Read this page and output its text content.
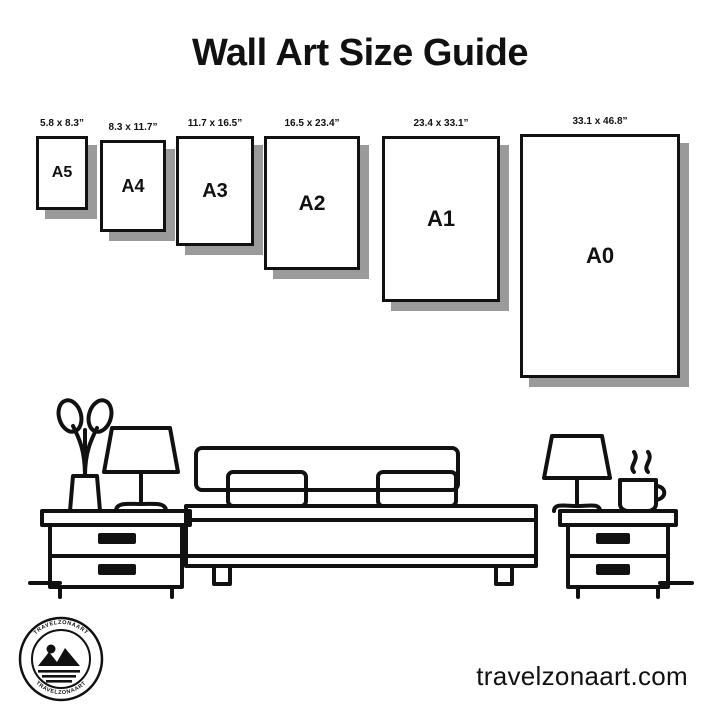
Wall Art Size Guide
5.8 x 8.3”
A5
8.3 x 11.7”
A4
11.7 x 16.5”
A3
16.5 x 23.4”
A2
23.4 x 33.1”
A1
33.1 x 46.8”
A0
travelzonaart.com
TRAVELZONAART
TRAVELZONAART
